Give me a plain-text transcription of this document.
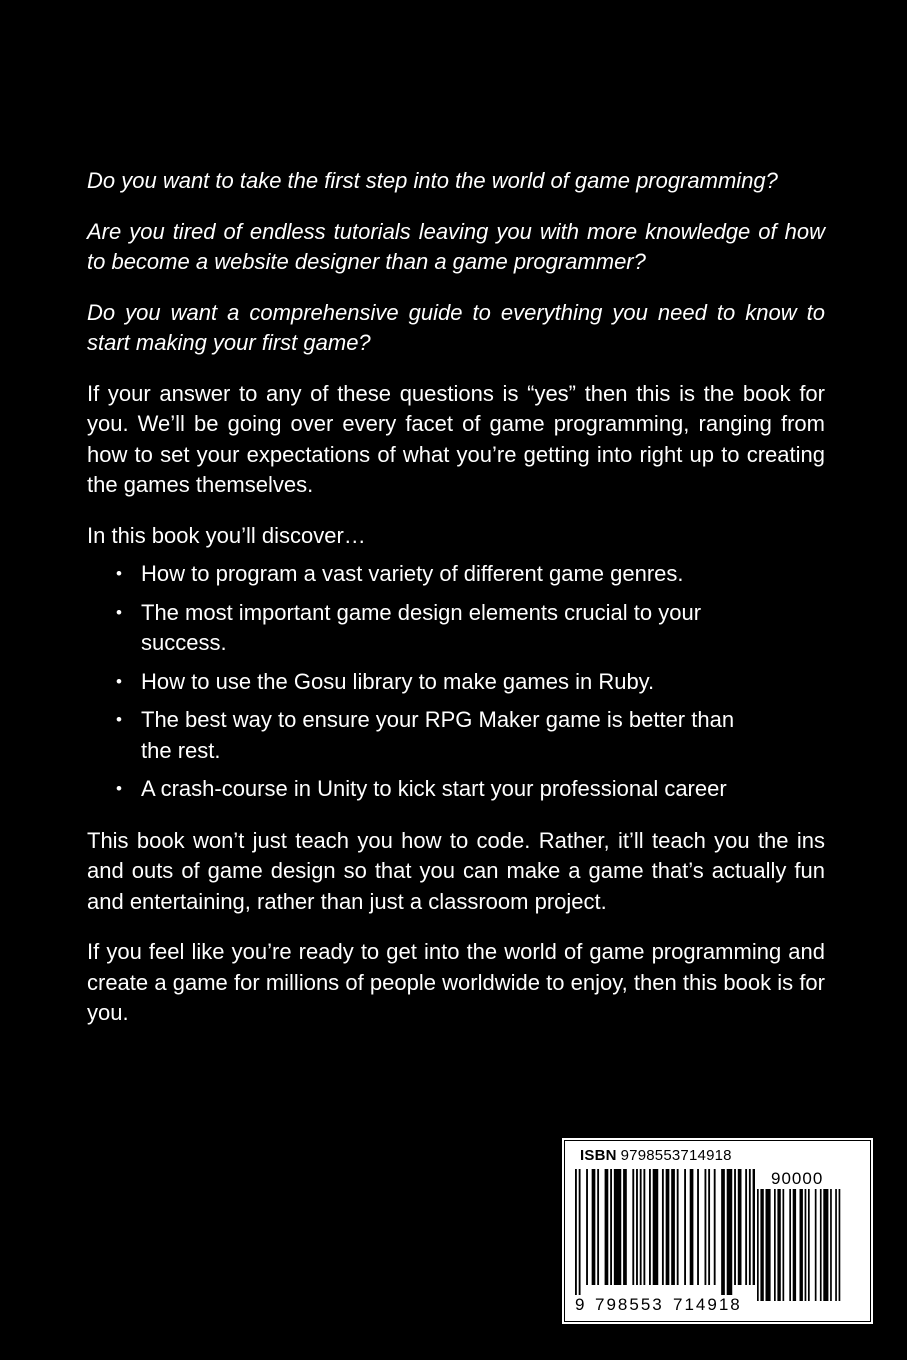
Do you want to take the first step into the world of game programming?

Are you tired of endless tutorials leaving you with more knowledge of how to become a website designer than a game programmer?

Do you want a comprehensive guide to everything you need to know to start making your first game?

If your answer to any of these questions is “yes” then this is the book for you. We’ll be going over every facet of game programming, ranging from how to set your expectations of what you’re getting into right up to creating the games themselves.

In this book you’ll discover…

• How to program a vast variety of different game genres.
• The most important game design elements crucial to your success.
• How to use the Gosu library to make games in Ruby.
• The best way to ensure your RPG Maker game is better than the rest.
• A crash-course in Unity to kick start your professional career

This book won’t just teach you how to code. Rather, it’ll teach you the ins and outs of game design so that you can make a game that’s actually fun and entertaining, rather than just a classroom project.

If you feel like you’re ready to get into the world of game programming and create a game for millions of people worldwide to enjoy, then this book is for you.

ISBN 9798553714918
90000
9 798553 714918
